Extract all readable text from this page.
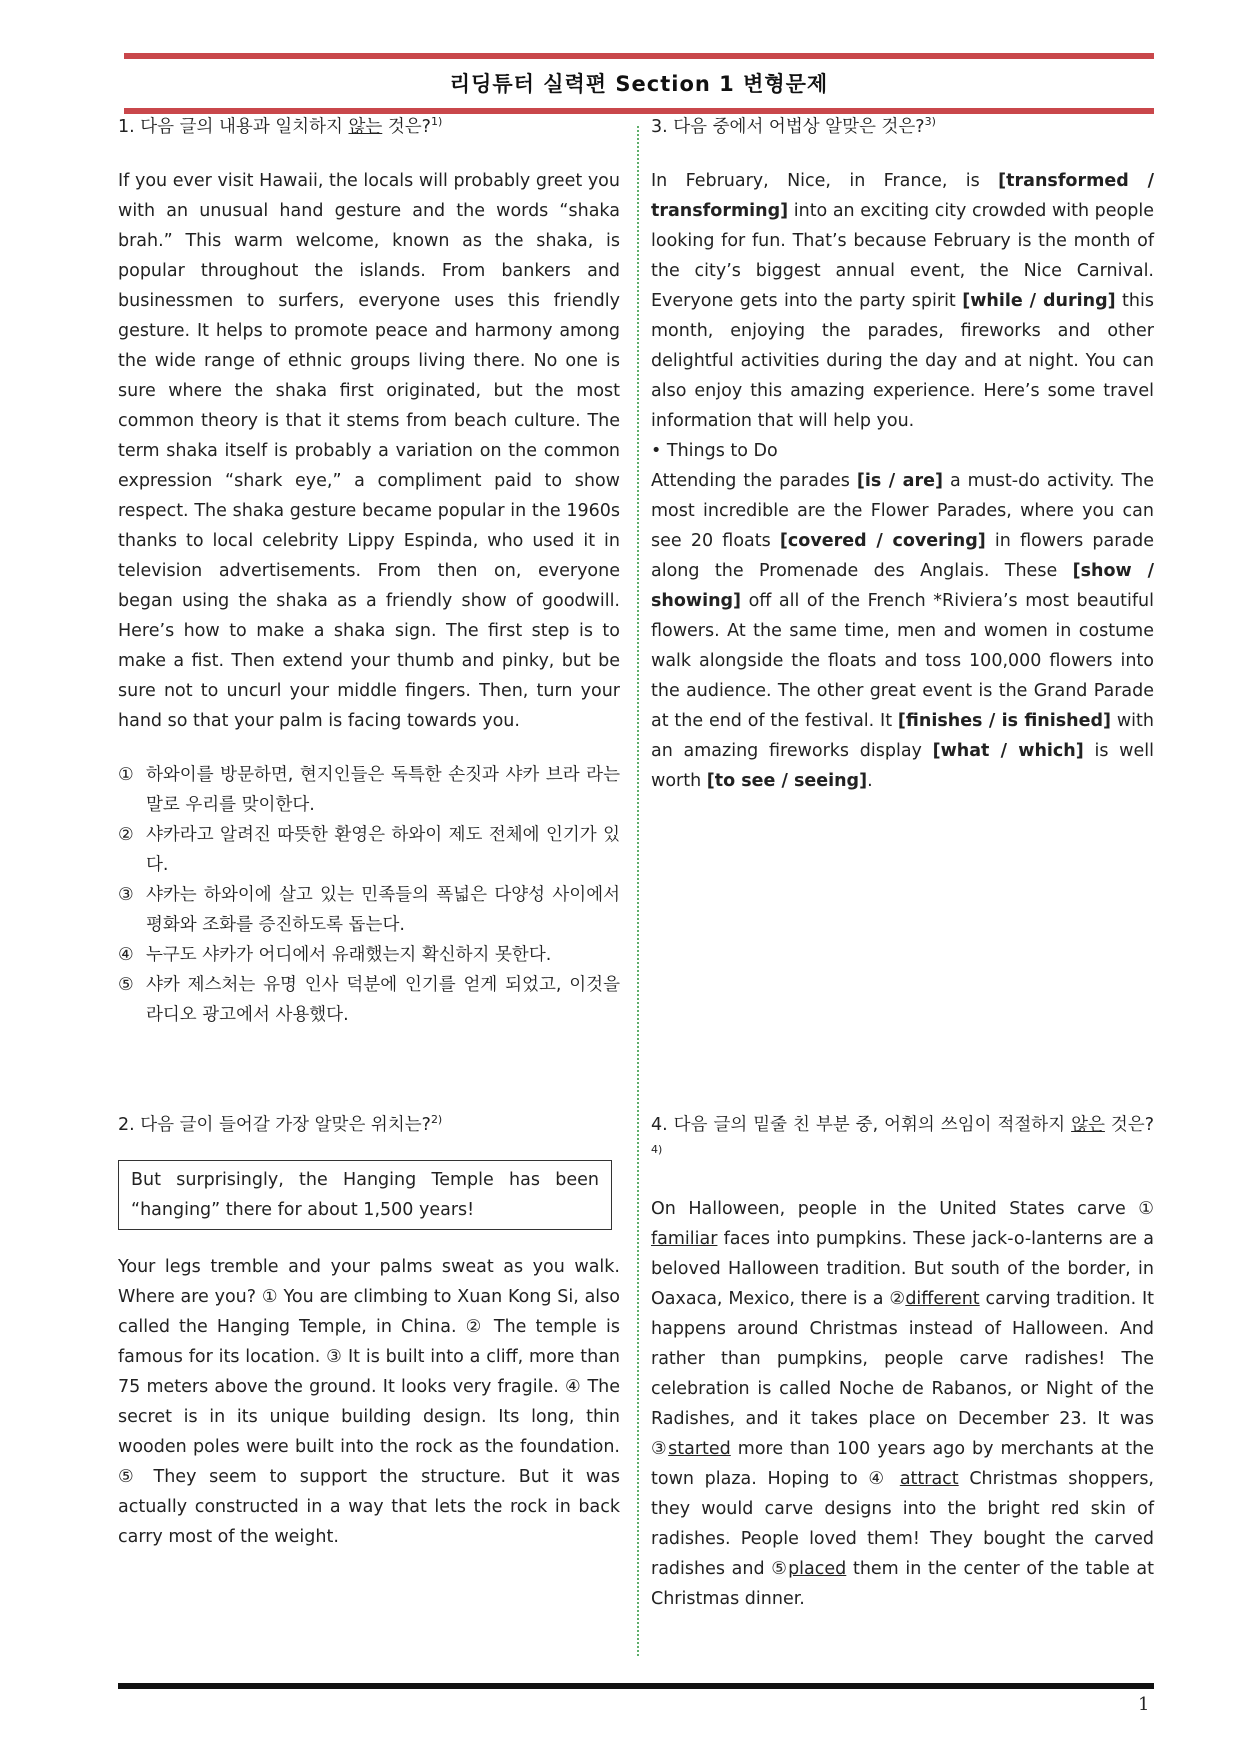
리딩튜터 실력편 Section 1 변형문제
1. 다음 글의 내용과 일치하지 않는 것은?$^{1)}$
If you ever visit Hawaii, the locals will probably greet you with an unusual hand gesture and the words “shaka brah.” This warm welcome, known as the shaka, is popular throughout the islands. From bankers and businessmen to surfers, everyone uses this friendly gesture. It helps to promote peace and harmony among the wide range of ethnic groups living there. No one is sure where the shaka first originated, but the most common theory is that it stems from beach culture. The term shaka itself is probably a variation on the common expression “shark eye,” a compliment paid to show respect. The shaka gesture became popular in the 1960s thanks to local celebrity Lippy Espinda, who used it in television advertisements. From then on, everyone began using the shaka as a friendly show of goodwill. Here’s how to make a shaka sign. The first step is to make a fist. Then extend your thumb and pinky, but be sure not to uncurl your middle fingers. Then, turn your hand so that your palm is facing towards you.
① 하와이를 방문하면, 현지인들은 독특한 손짓과 샤카 브라 라는 말로 우리를 맞이한다.
② 샤카라고 알려진 따뜻한 환영은 하와이 제도 전체에 인기가 있다.
③ 샤카는 하와이에 살고 있는 민족들의 폭넓은 다양성 사이에서 평화와 조화를 증진하도록 돕는다.
④ 누구도 샤카가 어디에서 유래했는지 확신하지 못한다.
⑤ 샤카 제스처는 유명 인사 덕분에 인기를 얻게 되었고, 이것을 라디오 광고에서 사용했다.
2. 다음 글이 들어갈 가장 알맞은 위치는?$^{2)}$
But surprisingly, the Hanging Temple has been “hanging” there for about 1,500 years!
Your legs tremble and your palms sweat as you walk. Where are you? ① You are climbing to Xuan Kong Si, also called the Hanging Temple, in China. ② The temple is famous for its location. ③ It is built into a cliff, more than 75 meters above the ground. It looks very fragile. ④ The secret is in its unique building design. Its long, thin wooden poles were built into the rock as the foundation. ⑤ They seem to support the structure. But it was actually constructed in a way that lets the rock in back carry most of the weight.
3. 다음 중에서 어법상 알맞은 것은?$^{3)}$
In February, Nice, in France, is [transformed / transforming] into an exciting city crowded with people looking for fun. That’s because February is the month of the city’s biggest annual event, the Nice Carnival. Everyone gets into the party spirit [while / during] this month, enjoying the parades, fireworks and other delightful activities during the day and at night. You can also enjoy this amazing experience. Here’s some travel information that will help you.
• Things to Do
Attending the parades [is / are] a must-do activity. The most incredible are the Flower Parades, where you can see 20 floats [covered / covering] in flowers parade along the Promenade des Anglais. These [show / showing] off all of the French *Riviera’s most beautiful flowers. At the same time, men and women in costume walk alongside the floats and toss 100,000 flowers into the audience. The other great event is the Grand Parade at the end of the festival. It [finishes / is finished] with an amazing fireworks display [what / which] is well worth [to see / seeing].
4. 다음 글의 밑줄 친 부분 중, 어휘의 쓰임이 적절하지 않은 것은?$^{4)}$
On Halloween, people in the United States carve ① familiar faces into pumpkins. These jack-o-lanterns are a beloved Halloween tradition. But south of the border, in Oaxaca, Mexico, there is a ②different carving tradition. It happens around Christmas instead of Halloween. And rather than pumpkins, people carve radishes! The celebration is called Noche de Rabanos, or Night of the Radishes, and it takes place on December 23. It was ③started more than 100 years ago by merchants at the town plaza. Hoping to ④ attract Christmas shoppers, they would carve designs into the bright red skin of radishes. People loved them! They bought the carved radishes and ⑤placed them in the center of the table at Christmas dinner.
1
